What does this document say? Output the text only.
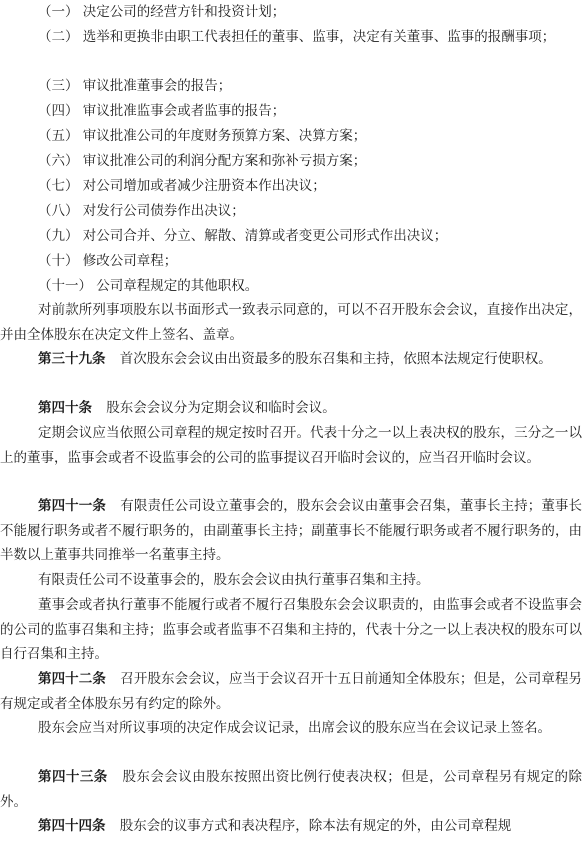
（一） 决定公司的经营方针和投资计划；
（二） 选举和更换非由职工代表担任的董事、监事，决定有关董事、监事的报酬事项；
（三） 审议批准董事会的报告；
（四） 审议批准监事会或者监事的报告；
（五） 审议批准公司的年度财务预算方案、决算方案；
（六） 审议批准公司的利润分配方案和弥补亏损方案；
（七） 对公司增加或者减少注册资本作出决议；
（八） 对发行公司债券作出决议；
（九） 对公司合并、分立、解散、清算或者变更公司形式作出决议；
（十） 修改公司章程；
（十一） 公司章程规定的其他职权。
对前款所列事项股东以书面形式一致表示同意的，可以不召开股东会会议，直接作出决定，并由全体股东在决定文件上签名、盖章。
第三十九条 首次股东会会议由出资最多的股东召集和主持，依照本法规定行使职权。
第四十条 股东会会议分为定期会议和临时会议。
定期会议应当依照公司章程的规定按时召开。代表十分之一以上表决权的股东，三分之一以上的董事，监事会或者不设监事会的公司的监事提议召开临时会议的，应当召开临时会议。
第四十一条 有限责任公司设立董事会的，股东会会议由董事会召集，董事长主持；董事长不能履行职务或者不履行职务的，由副董事长主持；副董事长不能履行职务或者不履行职务的，由半数以上董事共同推举一名董事主持。
有限责任公司不设董事会的，股东会会议由执行董事召集和主持。
董事会或者执行董事不能履行或者不履行召集股东会会议职责的，由监事会或者不设监事会的公司的监事召集和主持；监事会或者监事不召集和主持的，代表十分之一以上表决权的股东可以自行召集和主持。
第四十二条 召开股东会会议，应当于会议召开十五日前通知全体股东；但是，公司章程另有规定或者全体股东另有约定的除外。
股东会应当对所议事项的决定作成会议记录，出席会议的股东应当在会议记录上签名。
第四十三条 股东会会议由股东按照出资比例行使表决权；但是，公司章程另有规定的除外。
第四十四条 股东会的议事方式和表决程序，除本法有规定的外，由公司章程规
